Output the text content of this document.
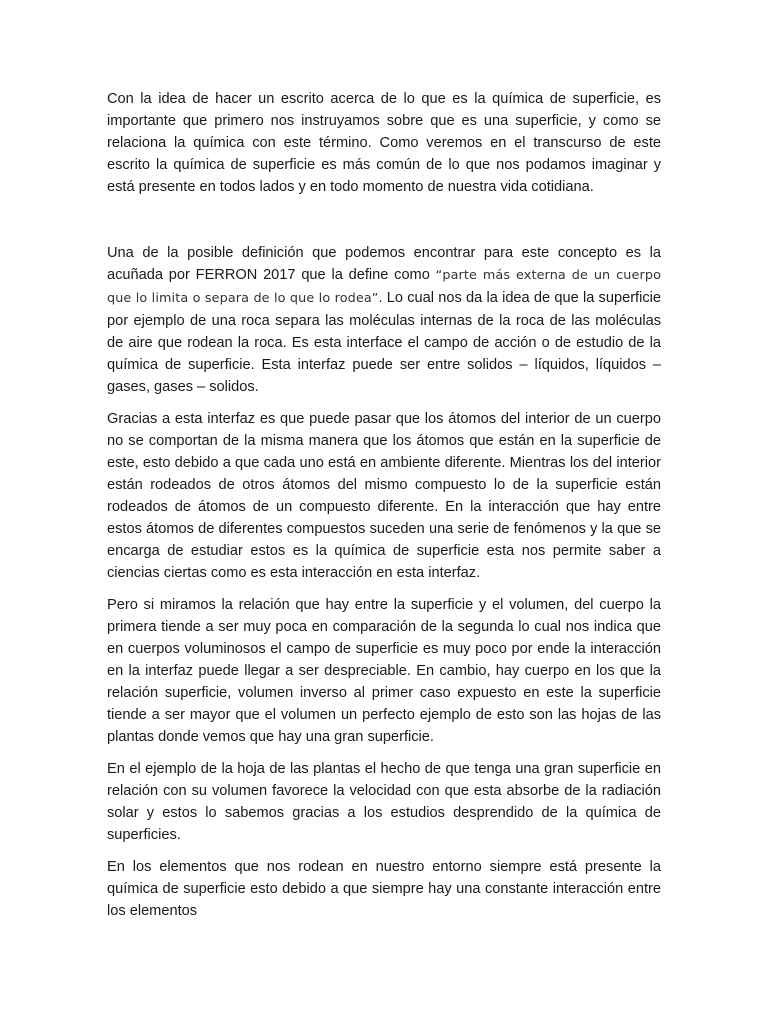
Con la idea de hacer un escrito acerca de lo que es la química de superficie, es importante que primero nos instruyamos sobre que es una superficie, y como se relaciona la química con este término. Como veremos en el transcurso de este escrito la química de superficie es más común de lo que nos podamos imaginar y está presente en todos lados y en todo momento de nuestra vida cotidiana.

Una de la posible definición que podemos encontrar para este concepto es la acuñada por FERRON 2017 que la define como “parte más externa de un cuerpo que lo limita o separa de lo que lo rodea”. Lo cual nos da la idea de que la superficie por ejemplo de una roca separa las moléculas internas de la roca de las moléculas de aire que rodean la roca. Es esta interface el campo de acción o de estudio de la química de superficie. Esta interfaz puede ser entre solidos – líquidos, líquidos – gases, gases – solidos.

Gracias a esta interfaz es que puede pasar que los átomos del interior de un cuerpo no se comportan de la misma manera que los átomos que están en la superficie de este, esto debido a que cada uno está en ambiente diferente. Mientras los del interior están rodeados de otros átomos del mismo compuesto lo de la superficie están rodeados de átomos de un compuesto diferente. En la interacción que hay entre estos átomos de diferentes compuestos suceden una serie de fenómenos y la que se encarga de estudiar estos es la química de superficie esta nos permite saber a ciencias ciertas como es esta interacción en esta interfaz.

Pero si miramos la relación que hay entre la superficie y el volumen, del cuerpo la primera tiende a ser muy poca en comparación de la segunda lo cual nos indica que en cuerpos voluminosos el campo de superficie es muy poco por ende la interacción en la interfaz puede llegar a ser despreciable. En cambio, hay cuerpo en los que la relación superficie, volumen inverso al primer caso expuesto en este la superficie tiende a ser mayor que el volumen un perfecto ejemplo de esto son las hojas de las plantas donde vemos que hay una gran superficie.

En el ejemplo de la hoja de las plantas el hecho de que tenga una gran superficie en relación con su volumen favorece la velocidad con que esta absorbe de la radiación solar y estos lo sabemos gracias a los estudios desprendido de la química de superficies.

En los elementos que nos rodean en nuestro entorno siempre está presente la química de superficie esto debido a que siempre hay una constante interacción entre los elementos
